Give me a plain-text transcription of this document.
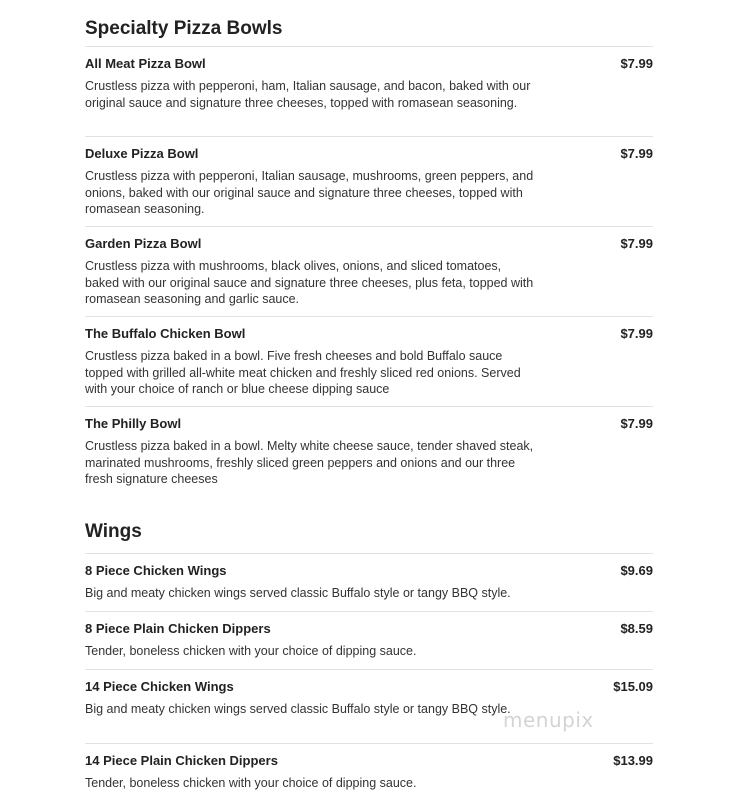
Specialty Pizza Bowls
All Meat Pizza Bowl	$7.99
Crustless pizza with pepperoni, ham, Italian sausage, and bacon, baked with our original sauce and signature three cheeses, topped with romasean seasoning.
Deluxe Pizza Bowl	$7.99
Crustless pizza with pepperoni, Italian sausage, mushrooms, green peppers, and onions, baked with our original sauce and signature three cheeses, topped with romasean seasoning.
Garden Pizza Bowl	$7.99
Crustless pizza with mushrooms, black olives, onions, and sliced tomatoes, baked with our original sauce and signature three cheeses, plus feta, topped with romasean seasoning and garlic sauce.
The Buffalo Chicken Bowl	$7.99
Crustless pizza baked in a bowl. Five fresh cheeses and bold Buffalo sauce topped with grilled all-white meat chicken and freshly sliced red onions. Served with your choice of ranch or blue cheese dipping sauce
The Philly Bowl	$7.99
Crustless pizza baked in a bowl. Melty white cheese sauce, tender shaved steak, marinated mushrooms, freshly sliced green peppers and onions and our three fresh signature cheeses
Wings
8 Piece Chicken Wings	$9.69
Big and meaty chicken wings served classic Buffalo style or tangy BBQ style.
8 Piece Plain Chicken Dippers	$8.59
Tender, boneless chicken with your choice of dipping sauce.
14 Piece Chicken Wings	$15.09
Big and meaty chicken wings served classic Buffalo style or tangy BBQ style.
14 Piece Plain Chicken Dippers	$13.99
Tender, boneless chicken with your choice of dipping sauce.
menupix
